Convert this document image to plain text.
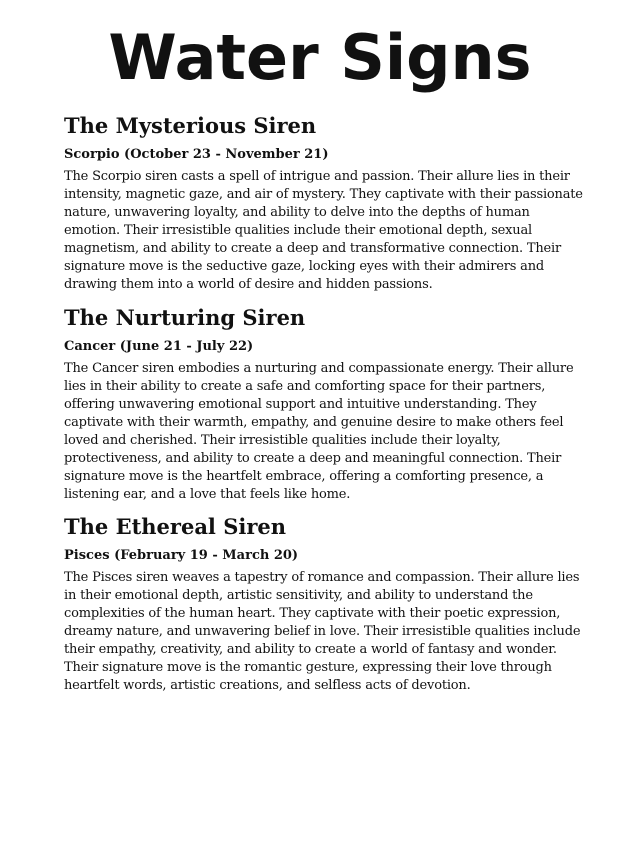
Water Signs
The Mysterious Siren
Scorpio (October 23 - November 21)

The Scorpio siren casts a spell of intrigue and passion. Their allure lies in their intensity, magnetic gaze, and air of mystery. They captivate with their passionate nature, unwavering loyalty, and ability to delve into the depths of human emotion. Their irresistible qualities include their emotional depth, sexual magnetism, and ability to create a deep and transformative connection. Their signature move is the seductive gaze, locking eyes with their admirers and drawing them into a world of desire and hidden passions.

The Nurturing Siren
Cancer (June 21 - July 22)

The Cancer siren embodies a nurturing and compassionate energy. Their allure lies in their ability to create a safe and comforting space for their partners, offering unwavering emotional support and intuitive understanding. They captivate with their warmth, empathy, and genuine desire to make others feel loved and cherished. Their irresistible qualities include their loyalty, protectiveness, and ability to create a deep and meaningful connection. Their signature move is the heartfelt embrace, offering a comforting presence, a listening ear, and a love that feels like home.

The Ethereal Siren
Pisces (February 19 - March 20)

The Pisces siren weaves a tapestry of romance and compassion. Their allure lies in their emotional depth, artistic sensitivity, and ability to understand the complexities of the human heart. They captivate with their poetic expression, dreamy nature, and unwavering belief in love. Their irresistible qualities include their empathy, creativity, and ability to create a world of fantasy and wonder. Their signature move is the romantic gesture, expressing their love through heartfelt words, artistic creations, and selfless acts of devotion.
